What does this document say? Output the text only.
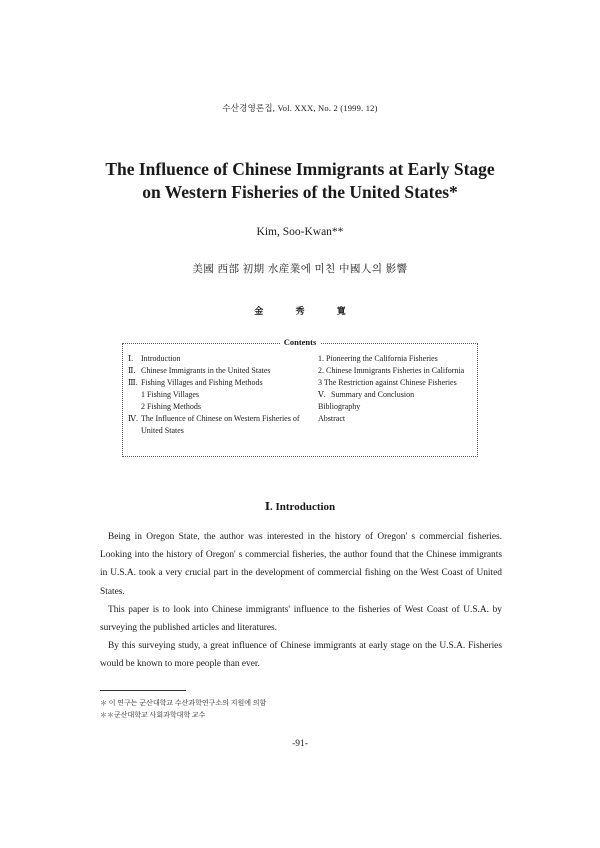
수산경영론집, Vol. XXX, No. 2 (1999. 12)
The Influence of Chinese Immigrants at Early Stage
on Western Fisheries of the United States*
Kim, Soo-Kwan**
美國 西部 初期 水産業에 미친 中國人의 影響
金 秀 寬
Contents
Ⅰ. Introduction
Ⅱ. Chinese Immigrants in the United States
Ⅲ. Fishing Villages and Fishing Methods
1 Fishing Villages
2 Fishing Methods
Ⅳ. The Influence of Chinese on Western Fisheries of United States
1. Pioneering the California Fisheries
2. Chinese Immigrants Fisheries in California
3 The Restriction against Chinese Fisheries
Ⅴ. Summary and Conclusion
Bibliography
Abstract
Ⅰ. Introduction

Being in Oregon State, the author was interested in the history of Oregon' s commercial fisheries. Looking into the history of Oregon' s commercial fisheries, the author found that the Chinese immigrants in U.S.A. took a very crucial part in the development of commercial fishing on the West Coast of United States.

This paper is to look into Chinese immigrants' influence to the fisheries of West Coast of U.S.A. by surveying the published articles and literatures.

By this surveying study, a great influence of Chinese immigrants at early stage on the U.S.A. Fisheries would be known to more people than ever.

＊ 이 연구는 군산대학교 수산과학연구소의 지원에 의함
＊＊군산대학교 사회과학대학 교수
-91-
